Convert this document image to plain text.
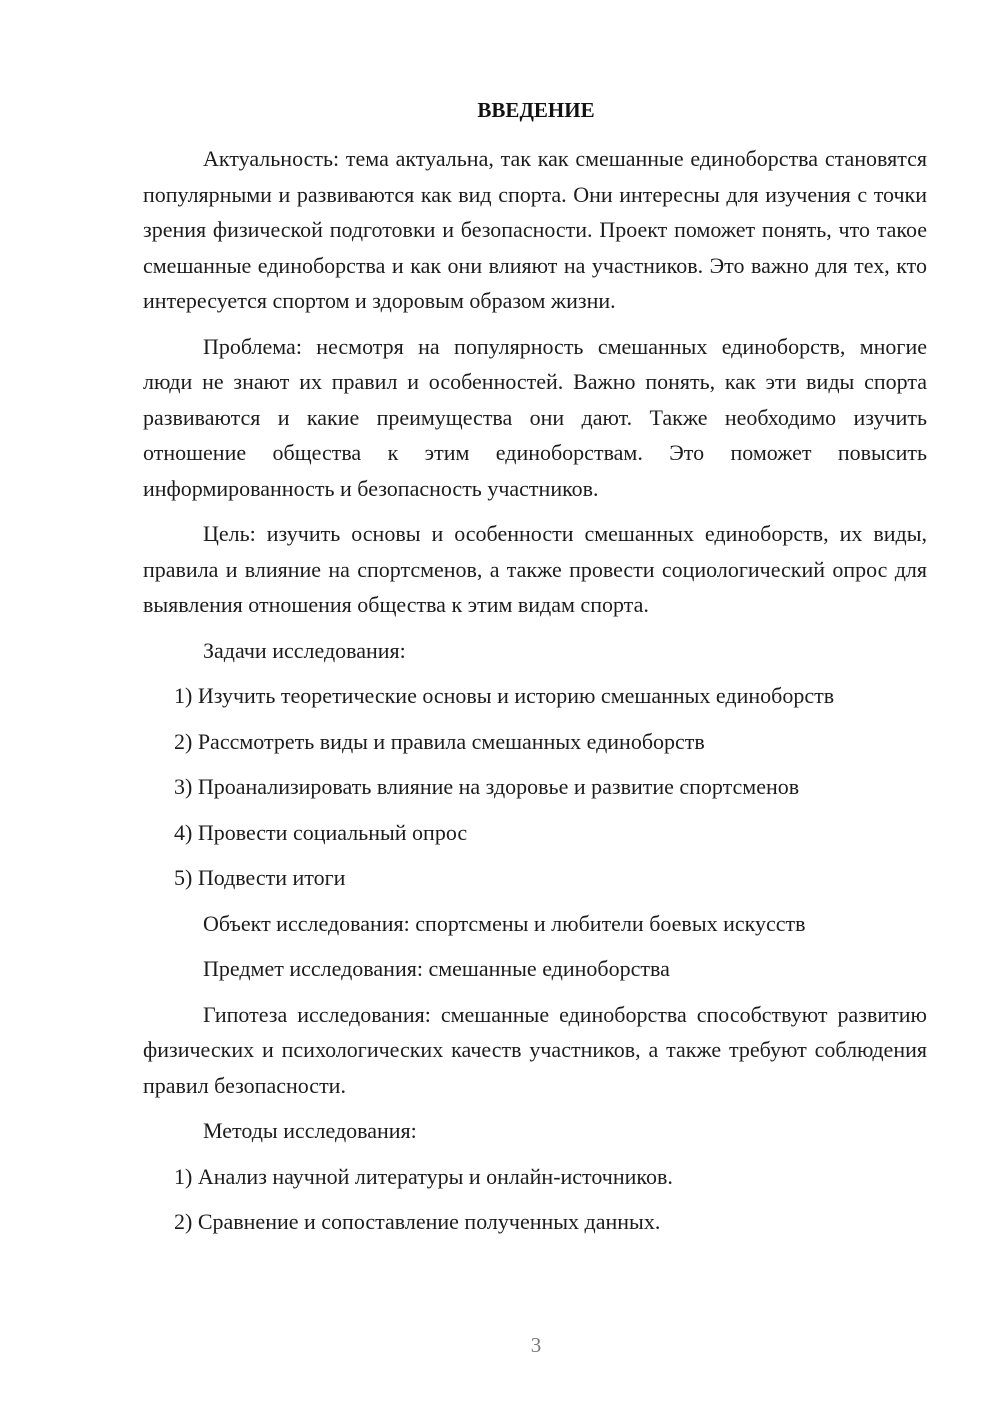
ВВЕДЕНИЕ

Актуальность: тема актуальна, так как смешанные единоборства становятся популярными и развиваются как вид спорта. Они интересны для изучения с точки зрения физической подготовки и безопасности. Проект поможет понять, что такое смешанные единоборства и как они влияют на участников. Это важно для тех, кто интересуется спортом и здоровым образом жизни.

Проблема: несмотря на популярность смешанных единоборств, многие люди не знают их правил и особенностей. Важно понять, как эти виды спорта развиваются и какие преимущества они дают. Также необходимо изучить отношение общества к этим единоборствам. Это поможет повысить информированность и безопасность участников.

Цель: изучить основы и особенности смешанных единоборств, их виды, правила и влияние на спортсменов, а также провести социологический опрос для выявления отношения общества к этим видам спорта.

Задачи исследования:
1) Изучить теоретические основы и историю смешанных единоборств
2) Рассмотреть виды и правила смешанных единоборств
3) Проанализировать влияние на здоровье и развитие спортсменов
4) Провести социальный опрос
5) Подвести итоги
Объект исследования: спортсмены и любители боевых искусств
Предмет исследования: смешанные единоборства

Гипотеза исследования: смешанные единоборства способствуют развитию физических и психологических качеств участников, а также требуют соблюдения правил безопасности.

Методы исследования:
1) Анализ научной литературы и онлайн-источников.
2) Сравнение и сопоставление полученных данных.
3
